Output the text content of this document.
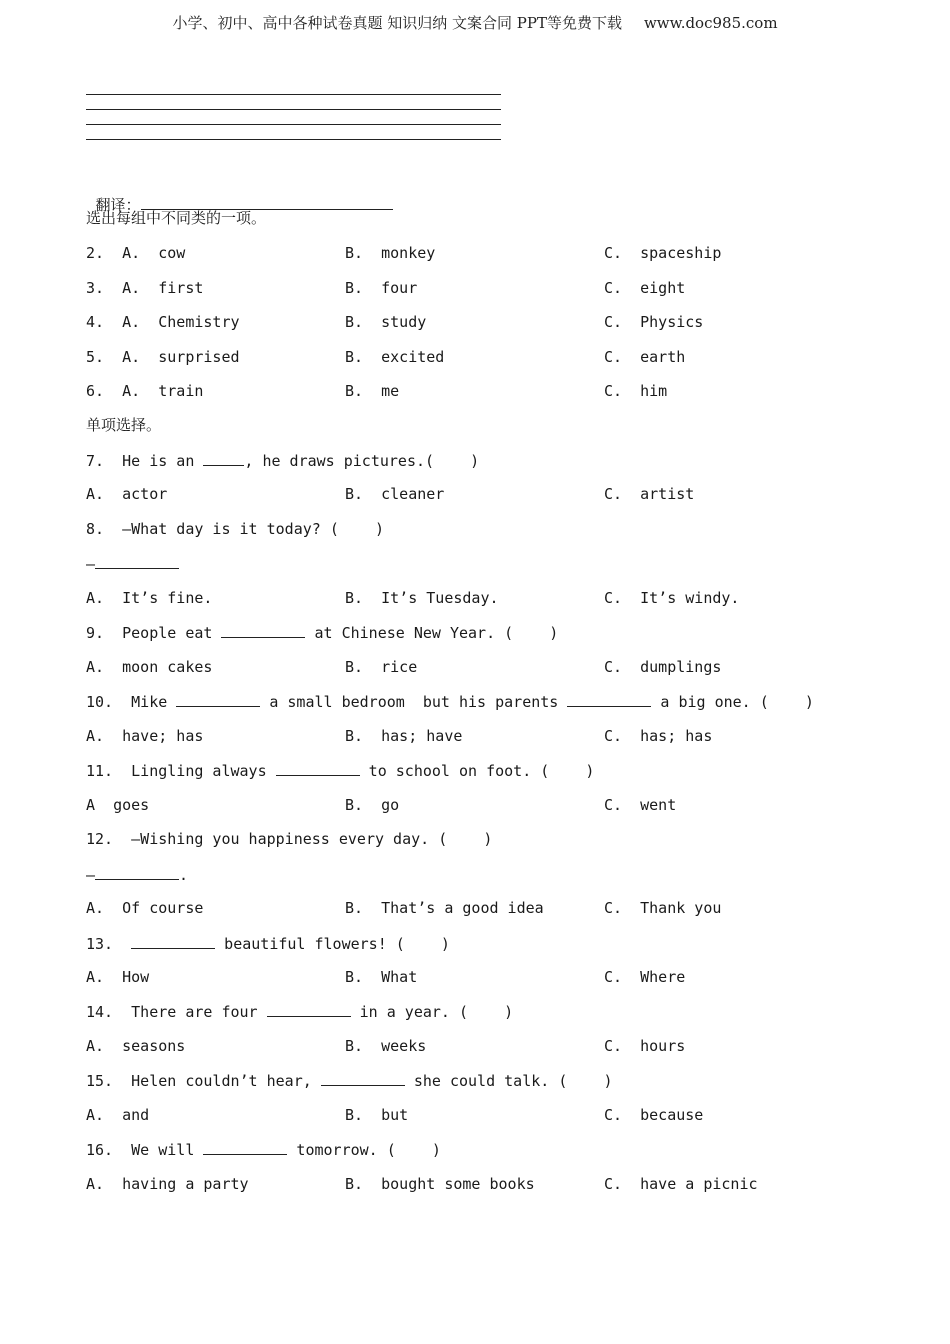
小学、初中、高中各种试卷真题 知识归纳 文案合同 PPT等免费下载 www.doc985.com

翻译：

选出每组中不同类的一项。
2. A.  cow	B.  monkey	C.  spaceship
3. A.  first	B.  four	C.  eight
4. A.  Chemistry	B.  study	C.  Physics
5. A.  surprised	B.  excited	C.  earth
6. A.  train	B.  me	C.  him
单项选择。
7.  He is an	, he draws pictures.(    )
A.  actor	B.  cleaner	C.  artist
8.  —What day is it today? (    )
—
A.  It’s fine.	B.  It’s Tuesday.	C.  It’s windy.
9.  People eat	at Chinese New Year. (    )
A.  moon cakes	B.  rice	C.  dumplings
10.  Mike	a small bedroom  but his parents	a big one. (    )
A.  have; has	B.  has; have	C.  has; has
11.  Lingling always	to school on foot. (    )
A  goes	B.  go	C.  went
12.  —Wishing you happiness every day. (    )
—	.
A.  Of course	B.  That’s a good idea	C.  Thank you
13.	beautiful flowers! (    )
A.  How	B.  What	C.  Where
14.  There are four	in a year. (    )
A.  seasons	B.  weeks	C.  hours
15.  Helen couldn’t hear,	she could talk. (    )
A.  and	B.  but	C.  because
16.  We will	tomorrow. (    )
A.  having a party	B.  bought some books	C.  have a picnic
